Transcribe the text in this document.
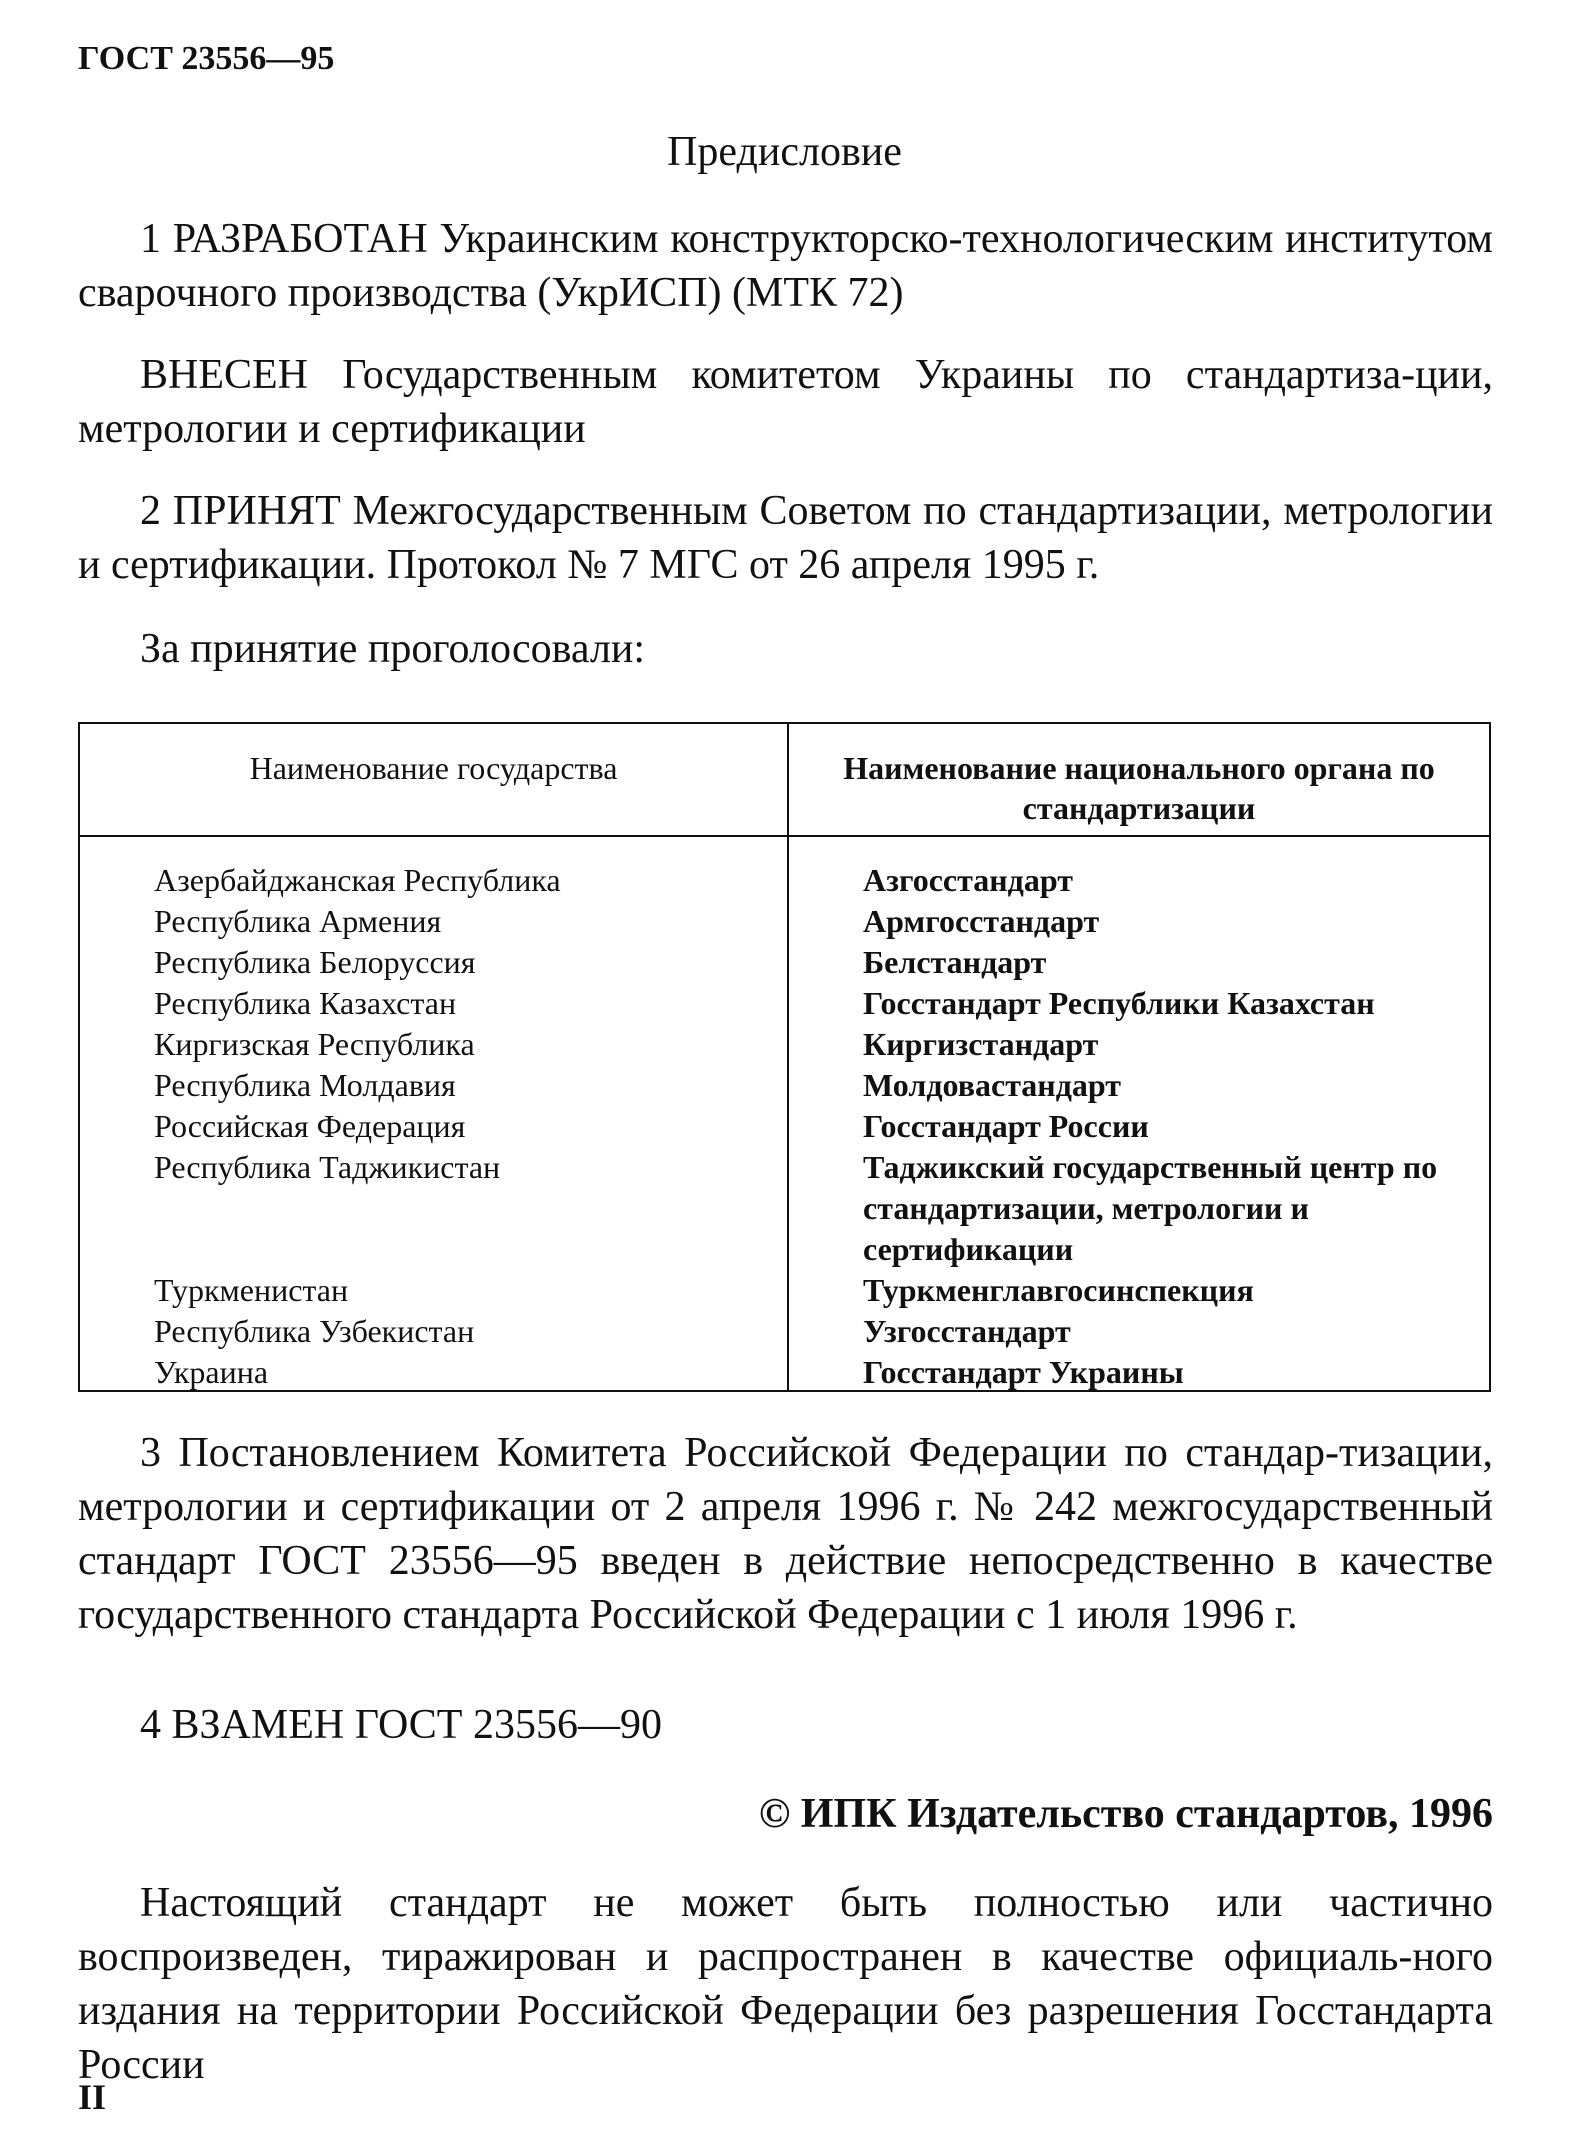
ГОСТ 23556—95
Предисловие
1 РАЗРАБОТАН Украинским конструкторско-технологическим институтом сварочного производства (УкрИСП) (МТК 72)
ВНЕСЕН Государственным комитетом Украины по стандартиза-ции, метрологии и сертификации
2 ПРИНЯТ Межгосударственным Советом по стандартизации, метрологии и сертификации. Протокол № 7 МГС от 26 апреля 1995 г.
За принятие проголосовали:
Наименование государства	Наименование национального органа по стандартизации
Азербайджанская Республика	Азгосстандарт
Республика Армения	Армгосстандарт
Республика Белоруссия	Белстандарт
Республика Казахстан	Госстандарт Республики Казахстан
Киргизская Республика	Киргизстандарт
Республика Молдавия	Молдовастандарт
Российская Федерация	Госстандарт России
Республика Таджикистан	Таджикский государственный центр по стандартизации, метрологии и сертификации
Туркменистан	Туркменглавгосинспекция
Республика Узбекистан	Узгосстандарт
Украина	Госстандарт Украины
3 Постановлением Комитета Российской Федерации по стандар-тизации, метрологии и сертификации от 2 апреля 1996 г. № 242 межгосударственный стандарт ГОСТ 23556—95 введен в действие непосредственно в качестве государственного стандарта Российской Федерации с 1 июля 1996 г.
4 ВЗАМЕН ГОСТ 23556—90
© ИПК Издательство стандартов, 1996
Настоящий стандарт не может быть полностью или частично воспроизведен, тиражирован и распространен в качестве официаль-ного издания на территории Российской Федерации без разрешения Госстандарта России
II
